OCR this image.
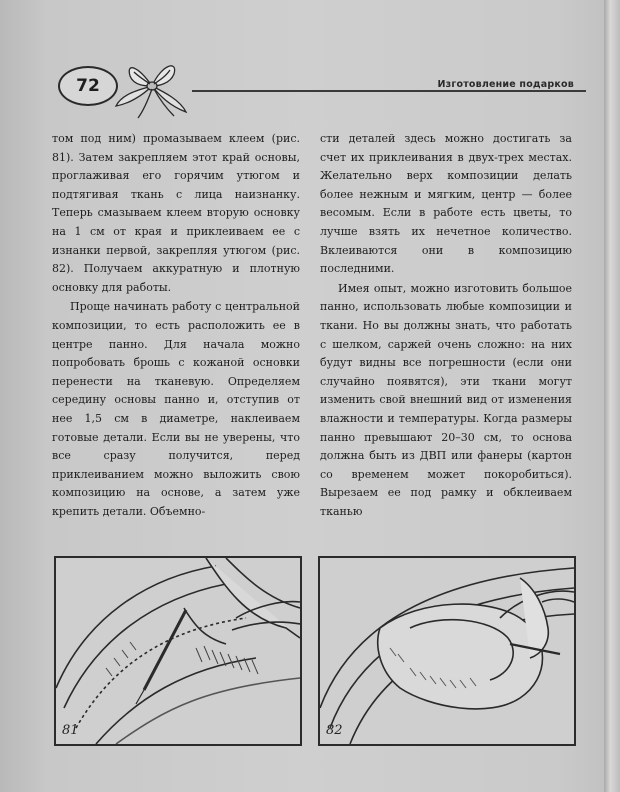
72	Изготовление подарков

том под ним) промазываем клеем (рис. 81). Затем закрепляем этот край основы, проглаживая его горячим утюгом и подтягивая ткань с лица наизнанку. Теперь смазываем клеем вторую основку на 1 см от края и приклеиваем ее с изнанки первой, закрепляя утюгом (рис. 82). Получаем аккуратную и плотную основку для работы.

Проще начинать работу с центральной композиции, то есть расположить ее в центре панно. Для начала можно попробовать брошь с кожаной основки перенести на тканевую. Определяем середину основы панно и, отступив от нее 1,5 см в диаметре, наклеиваем готовые детали. Если вы не уверены, что все сразу получится, перед приклеиванием можно выложить свою композицию на основе, а затем уже крепить детали. Объемно-

сти деталей здесь можно достигать за счет их приклеивания в двух-трех местах. Желательно верх композиции делать более нежным и мягким, центр — более весомым. Если в работе есть цветы, то лучше взять их нечетное количество. Вклеиваются они в композицию последними.

Имея опыт, можно изготовить большое панно, использовать любые композиции и ткани. Но вы должны знать, что работать с шелком, саржей очень сложно: на них будут видны все погрешности (если они случайно появятся), эти ткани могут изменить свой внешний вид от изменения влажности и температуры. Когда размеры панно превышают 20–30 см, то основа должна быть из ДВП или фанеры (картон со временем может покоробиться). Вырезаем ее под рамку и обклеиваем тканью

81	82
